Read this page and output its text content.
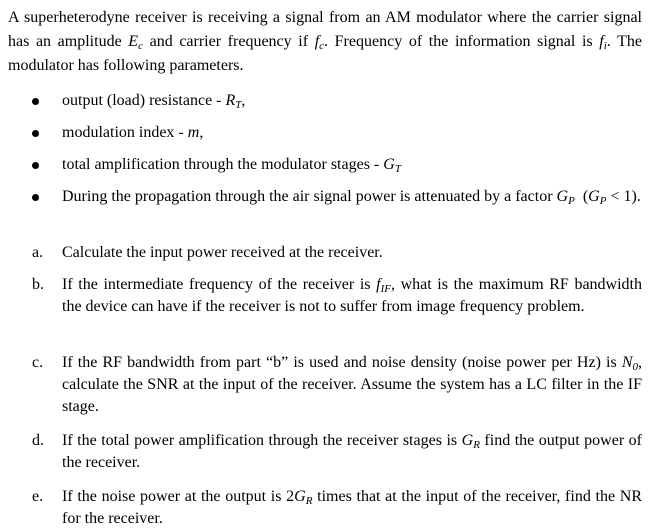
A superheterodyne receiver is receiving a signal from an AM modulator where the carrier signal has an amplitude $E_c$ and carrier frequency if $f_c$. Frequency of the information signal is $f_i$. The modulator has following parameters.

output (load) resistance - $R_T$,
modulation index - m,
total amplification through the modulator stages - $G_T$
During the propagation through the air signal power is attenuated by a factor $G_P$  $(G_P < 1)$.
a. Calculate the input power received at the receiver.
b. If the intermediate frequency of the receiver is $f_{IF}$, what is the maximum RF bandwidth the device can have if the receiver is not to suffer from image frequency problem.
c. If the RF bandwidth from part “b” is used and noise density (noise power per Hz) is $N_0$, calculate the SNR at the input of the receiver. Assume the system has a LC filter in the IF stage.
d. If the total power amplification through the receiver stages is $G_R$ find the output power of the receiver.
e. If the noise power at the output is $2G_R$ times that at the input of the receiver, find the NR for the receiver.
